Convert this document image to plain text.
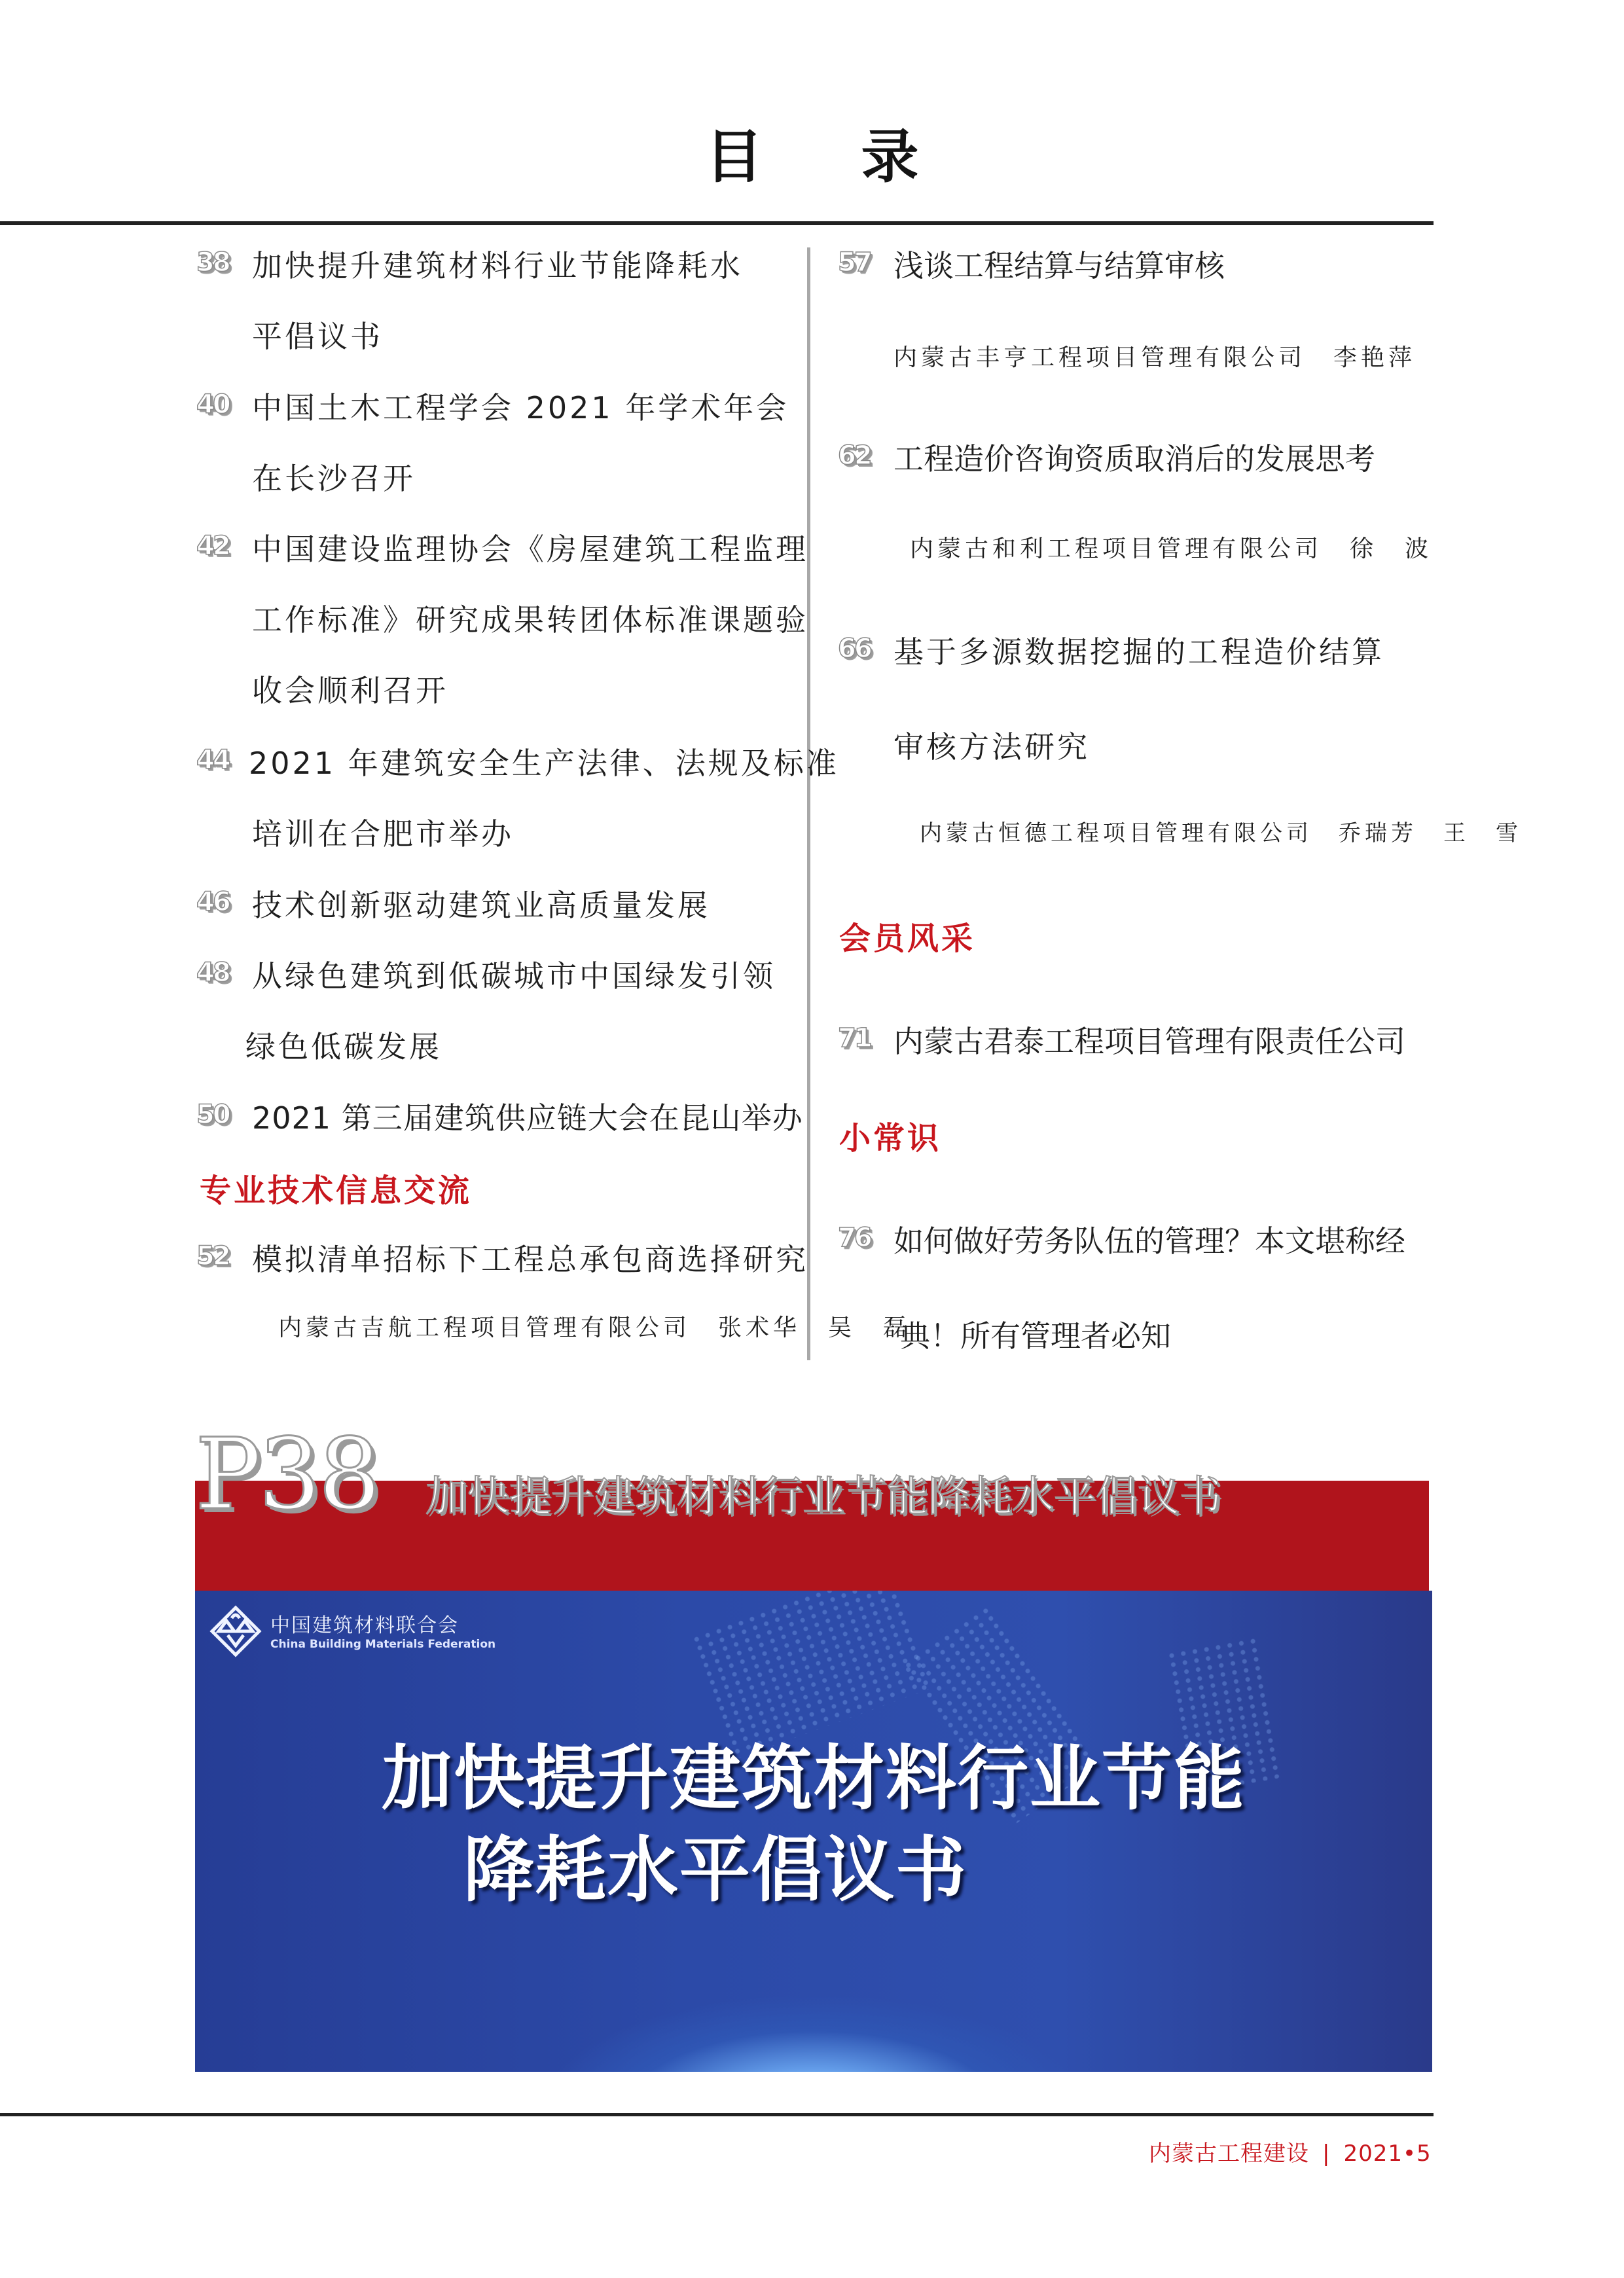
目录
38 加快提升建筑材料行业节能降耗水
平倡议书
40 中国土木工程学会 2021 年学术年会
在长沙召开
42 中国建设监理协会《房屋建筑工程监理
工作标准》研究成果转团体标准课题验
收会顺利召开
44 2021 年建筑安全生产法律、法规及标准
培训在合肥市举办
46 技术创新驱动建筑业高质量发展
48 从绿色建筑到低碳城市中国绿发引领
绿色低碳发展
50 2021 第三届建筑供应链大会在昆山举办
专业技术信息交流
52 模拟清单招标下工程总承包商选择研究
内蒙古吉航工程项目管理有限公司　张术华　吴　磊
57 浅谈工程结算与结算审核
内蒙古丰亨工程项目管理有限公司　李艳萍
62 工程造价咨询资质取消后的发展思考
内蒙古和利工程项目管理有限公司　徐　波
66 基于多源数据挖掘的工程造价结算
审核方法研究
内蒙古恒德工程项目管理有限公司　乔瑞芳　王　雪
会员风采
71 内蒙古君泰工程项目管理有限责任公司
小常识
76 如何做好劳务队伍的管理？本文堪称经
典！所有管理者必知
P38 加快提升建筑材料行业节能降耗水平倡议书
中国建筑材料联合会
China Building Materials Federation
加快提升建筑材料行业节能
降耗水平倡议书
内蒙古工程建设 | 2021•5
